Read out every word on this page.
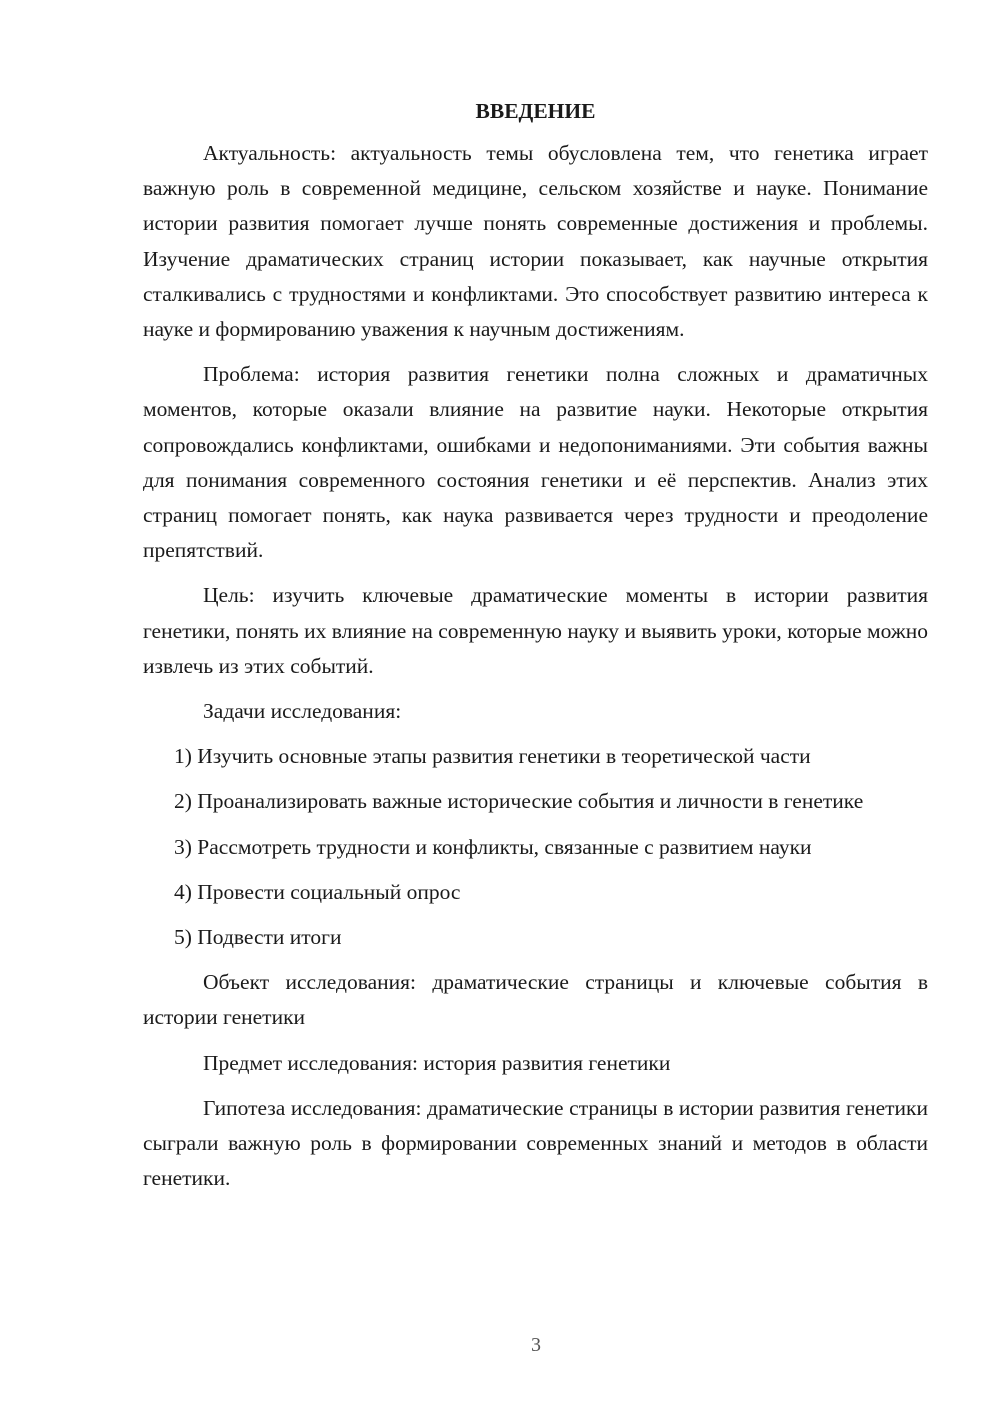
ВВЕДЕНИЕ

Актуальность: актуальность темы обусловлена тем, что генетика играет важную роль в современной медицине, сельском хозяйстве и науке. Понимание истории развития помогает лучше понять современные достижения и проблемы. Изучение драматических страниц истории показывает, как научные открытия сталкивались с трудностями и конфликтами. Это способствует развитию интереса к науке и формированию уважения к научным достижениям.

Проблема: история развития генетики полна сложных и драматичных моментов, которые оказали влияние на развитие науки. Некоторые открытия сопровождались конфликтами, ошибками и недопониманиями. Эти события важны для понимания современного состояния генетики и её перспектив. Анализ этих страниц помогает понять, как наука развивается через трудности и преодоление препятствий.

Цель: изучить ключевые драматические моменты в истории развития генетики, понять их влияние на современную науку и выявить уроки, которые можно извлечь из этих событий.

Задачи исследования:

1) Изучить основные этапы развития генетики в теоретической части

2) Проанализировать важные исторические события и личности в генетике

3) Рассмотреть трудности и конфликты, связанные с развитием науки

4) Провести социальный опрос

5) Подвести итоги

Объект исследования: драматические страницы и ключевые события в истории генетики

Предмет исследования: история развития генетики

Гипотеза исследования: драматические страницы в истории развития генетики сыграли важную роль в формировании современных знаний и методов в области генетики.

3
